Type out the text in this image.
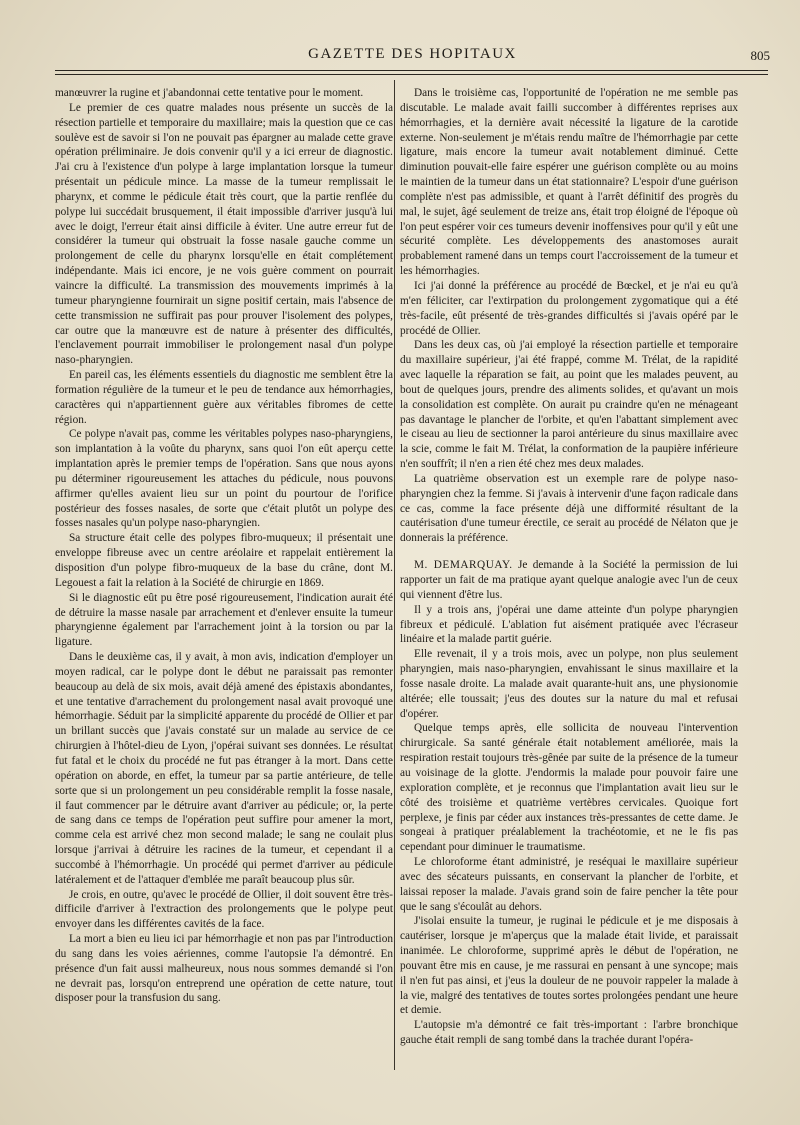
GAZETTE DES HOPITAUX	805

manœuvrer la rugine et j'abandonnai cette tentative pour le moment.

Le premier de ces quatre malades nous présente un succès de la résection partielle et temporaire du maxillaire; mais la question que ce cas soulève est de savoir si l'on ne pouvait pas épargner au malade cette grave opération préliminaire. Je dois convenir qu'il y a ici erreur de diagnostic. J'ai cru à l'existence d'un polype à large implantation lorsque la tumeur présentait un pédicule mince. La masse de la tumeur remplissait le pharynx, et comme le pédicule était très court, que la partie renflée du polype lui succédait brusquement, il était impossible d'arriver jusqu'à lui avec le doigt, l'erreur était ainsi difficile à éviter. Une autre erreur fut de considérer la tumeur qui obstruait la fosse nasale gauche comme un prolongement de celle du pharynx lorsqu'elle en était complétement indépendante. Mais ici encore, je ne vois guère comment on pourrait vaincre la difficulté. La transmission des mouvements imprimés à la tumeur pharyngienne fournirait un signe positif certain, mais l'absence de cette transmission ne suffirait pas pour prouver l'isolement des polypes, car outre que la manœuvre est de nature à présenter des difficultés, l'enclavement pourrait immobiliser le prolongement nasal d'un polype naso-pharyngien.

En pareil cas, les éléments essentiels du diagnostic me semblent être la formation régulière de la tumeur et le peu de tendance aux hémorrhagies, caractères qui n'appartiennent guère aux véritables fibromes de cette région.

Ce polype n'avait pas, comme les véritables polypes naso-pharyngiens, son implantation à la voûte du pharynx, sans quoi l'on eût aperçu cette implantation après le premier temps de l'opération. Sans que nous ayons pu déterminer rigoureusement les attaches du pédicule, nous pouvons affirmer qu'elles avaient lieu sur un point du pourtour de l'orifice postérieur des fosses nasales, de sorte que c'était plutôt un polype des fosses nasales qu'un polype naso-pharyngien.

Sa structure était celle des polypes fibro-muqueux; il présentait une enveloppe fibreuse avec un centre aréolaire et rappelait entièrement la disposition d'un polype fibro-muqueux de la base du crâne, dont M. Legouest a fait la relation à la Société de chirurgie en 1869.

Si le diagnostic eût pu être posé rigoureusement, l'indication aurait été de détruire la masse nasale par arrachement et d'enlever ensuite la tumeur pharyngienne également par l'arrachement joint à la torsion ou par la ligature.

Dans le deuxième cas, il y avait, à mon avis, indication d'employer un moyen radical, car le polype dont le début ne paraissait pas remonter beaucoup au delà de six mois, avait déjà amené des épistaxis abondantes, et une tentative d'arrachement du prolongement nasal avait provoqué une hémorrhagie. Séduit par la simplicité apparente du procédé de Ollier et par un brillant succès que j'avais constaté sur un malade au service de ce chirurgien à l'hôtel-dieu de Lyon, j'opérai suivant ses données. Le résultat fut fatal et le choix du procédé ne fut pas étranger à la mort. Dans cette opération on aborde, en effet, la tumeur par sa partie antérieure, de telle sorte que si un prolongement un peu considérable remplit la fosse nasale, il faut commencer par le détruire avant d'arriver au pédicule; or, la perte de sang dans ce temps de l'opération peut suffire pour amener la mort, comme cela est arrivé chez mon second malade; le sang ne coulait plus lorsque j'arrivai à détruire les racines de la tumeur, et cependant il a succombé à l'hémorrhagie. Un procédé qui permet d'arriver au pédicule latéralement et de l'attaquer d'emblée me paraît beaucoup plus sûr.

Je crois, en outre, qu'avec le procédé de Ollier, il doit souvent être très-difficile d'arriver à l'extraction des prolongements que le polype peut envoyer dans les différentes cavités de la face.

La mort a bien eu lieu ici par hémorrhagie et non pas par l'introduction du sang dans les voies aériennes, comme l'autopsie l'a démontré. En présence d'un fait aussi malheureux, nous nous sommes demandé si l'on ne devrait pas, lorsqu'on entreprend une opération de cette nature, tout disposer pour la transfusion du sang.

Dans le troisième cas, l'opportunité de l'opération ne me semble pas discutable. Le malade avait failli succomber à différentes reprises aux hémorrhagies, et la dernière avait nécessité la ligature de la carotide externe. Non-seulement je m'étais rendu maître de l'hémorrhagie par cette ligature, mais encore la tumeur avait notablement diminué. Cette diminution pouvait-elle faire espérer une guérison complète ou au moins le maintien de la tumeur dans un état stationnaire? L'espoir d'une guérison complète n'est pas admissible, et quant à l'arrêt définitif des progrès du mal, le sujet, âgé seulement de treize ans, était trop éloigné de l'époque où l'on peut espérer voir ces tumeurs devenir inoffensives pour qu'il y eût une sécurité complète. Les développements des anastomoses aurait probablement ramené dans un temps court l'accroissement de la tumeur et les hémorrhagies.

Ici j'ai donné la préférence au procédé de Bœckel, et je n'ai eu qu'à m'en féliciter, car l'extirpation du prolongement zygomatique qui a été très-facile, eût présenté de très-grandes difficultés si j'avais opéré par le procédé de Ollier.

Dans les deux cas, où j'ai employé la résection partielle et temporaire du maxillaire supérieur, j'ai été frappé, comme M. Trélat, de la rapidité avec laquelle la réparation se fait, au point que les malades peuvent, au bout de quelques jours, prendre des aliments solides, et qu'avant un mois la consolidation est complète. On aurait pu craindre qu'en ne ménageant pas davantage le plancher de l'orbite, et qu'en l'abattant simplement avec le ciseau au lieu de sectionner la paroi antérieure du sinus maxillaire avec la scie, comme le fait M. Trélat, la conformation de la paupière inférieure n'en souffrît; il n'en a rien été chez mes deux malades.

La quatrième observation est un exemple rare de polype naso-pharyngien chez la femme. Si j'avais à intervenir d'une façon radicale dans ce cas, comme la face présente déjà une difformité résultant de la cautérisation d'une tumeur érectile, ce serait au procédé de Nélaton que je donnerais la préférence.

M. DEMARQUAY. Je demande à la Société la permission de lui rapporter un fait de ma pratique ayant quelque analogie avec l'un de ceux qui viennent d'être lus.

Il y a trois ans, j'opérai une dame atteinte d'un polype pharyngien fibreux et pédiculé. L'ablation fut aisément pratiquée avec l'écraseur linéaire et la malade partit guérie.

Elle revenait, il y a trois mois, avec un polype, non plus seulement pharyngien, mais naso-pharyngien, envahissant le sinus maxillaire et la fosse nasale droite. La malade avait quarante-huit ans, une physionomie altérée; elle toussait; j'eus des doutes sur la nature du mal et refusai d'opérer.

Quelque temps après, elle sollicita de nouveau l'intervention chirurgicale. Sa santé générale était notablement améliorée, mais la respiration restait toujours très-gênée par suite de la présence de la tumeur au voisinage de la glotte. J'endormis la malade pour pouvoir faire une exploration complète, et je reconnus que l'implantation avait lieu sur le côté des troisième et quatrième vertèbres cervicales. Quoique fort perplexe, je finis par céder aux instances très-pressantes de cette dame. Je songeai à pratiquer préalablement la trachéotomie, et ne le fis pas cependant pour diminuer le traumatisme.

Le chloroforme étant administré, je reséquai le maxillaire supérieur avec des sécateurs puissants, en conservant la plancher de l'orbite, et laissai reposer la malade. J'avais grand soin de faire pencher la tête pour que le sang s'écoulât au dehors.

J'isolai ensuite la tumeur, je ruginai le pédicule et je me disposais à cautériser, lorsque je m'aperçus que la malade était livide, et paraissait inanimée. Le chloroforme, supprimé après le début de l'opération, ne pouvant être mis en cause, je me rassurai en pensant à une syncope; mais il n'en fut pas ainsi, et j'eus la douleur de ne pouvoir rappeler la malade à la vie, malgré des tentatives de toutes sortes prolongées pendant une heure et demie.

L'autopsie m'a démontré ce fait très-important : l'arbre bronchique gauche était rempli de sang tombé dans la trachée durant l'opéra-
